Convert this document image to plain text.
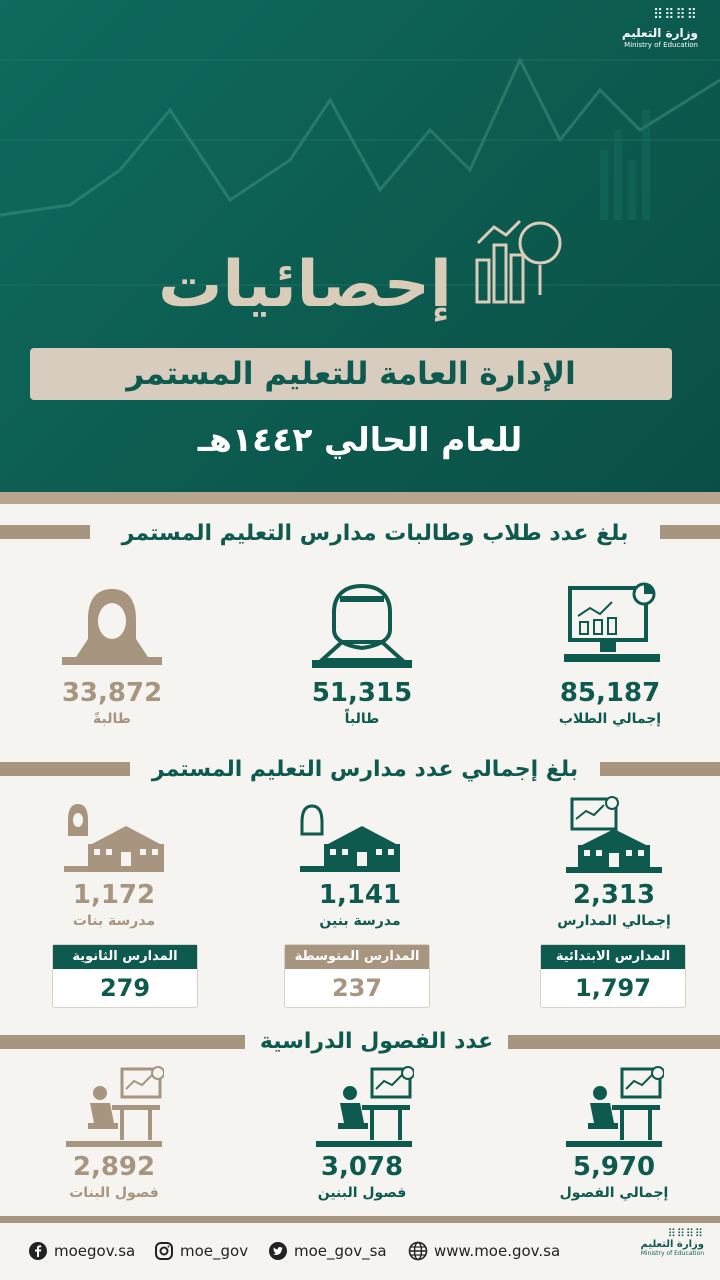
⠿⠿⠿⠿
وزارة التعليم
Ministry of Education
إحصائيات
الإدارة العامة للتعليم المستمر
للعام الحالي ١٤٤٢هـ
بلغ عدد طلاب وطالبات مدارس التعليم المستمر
85,187
إجمالي الطلاب
51,315
طالباً
33,872
طالبةً
بلغ إجمالي عدد مدارس التعليم المستمر
2,313
إجمالي المدارس
1,141
مدرسة بنين
1,172
مدرسة بنات
المدارس الابتدائية
1,797
المدارس المتوسطة
237
المدارس الثانوية
279
عدد الفصول الدراسية
5,970
إجمالي الفصول
3,078
فصول البنين
2,892
فصول البنات
moegov.sa	moe_gov	moe_gov_sa	www.moe.gov.sa
⠿⠿⠿⠿
وزارة التعليم
Ministry of Education
